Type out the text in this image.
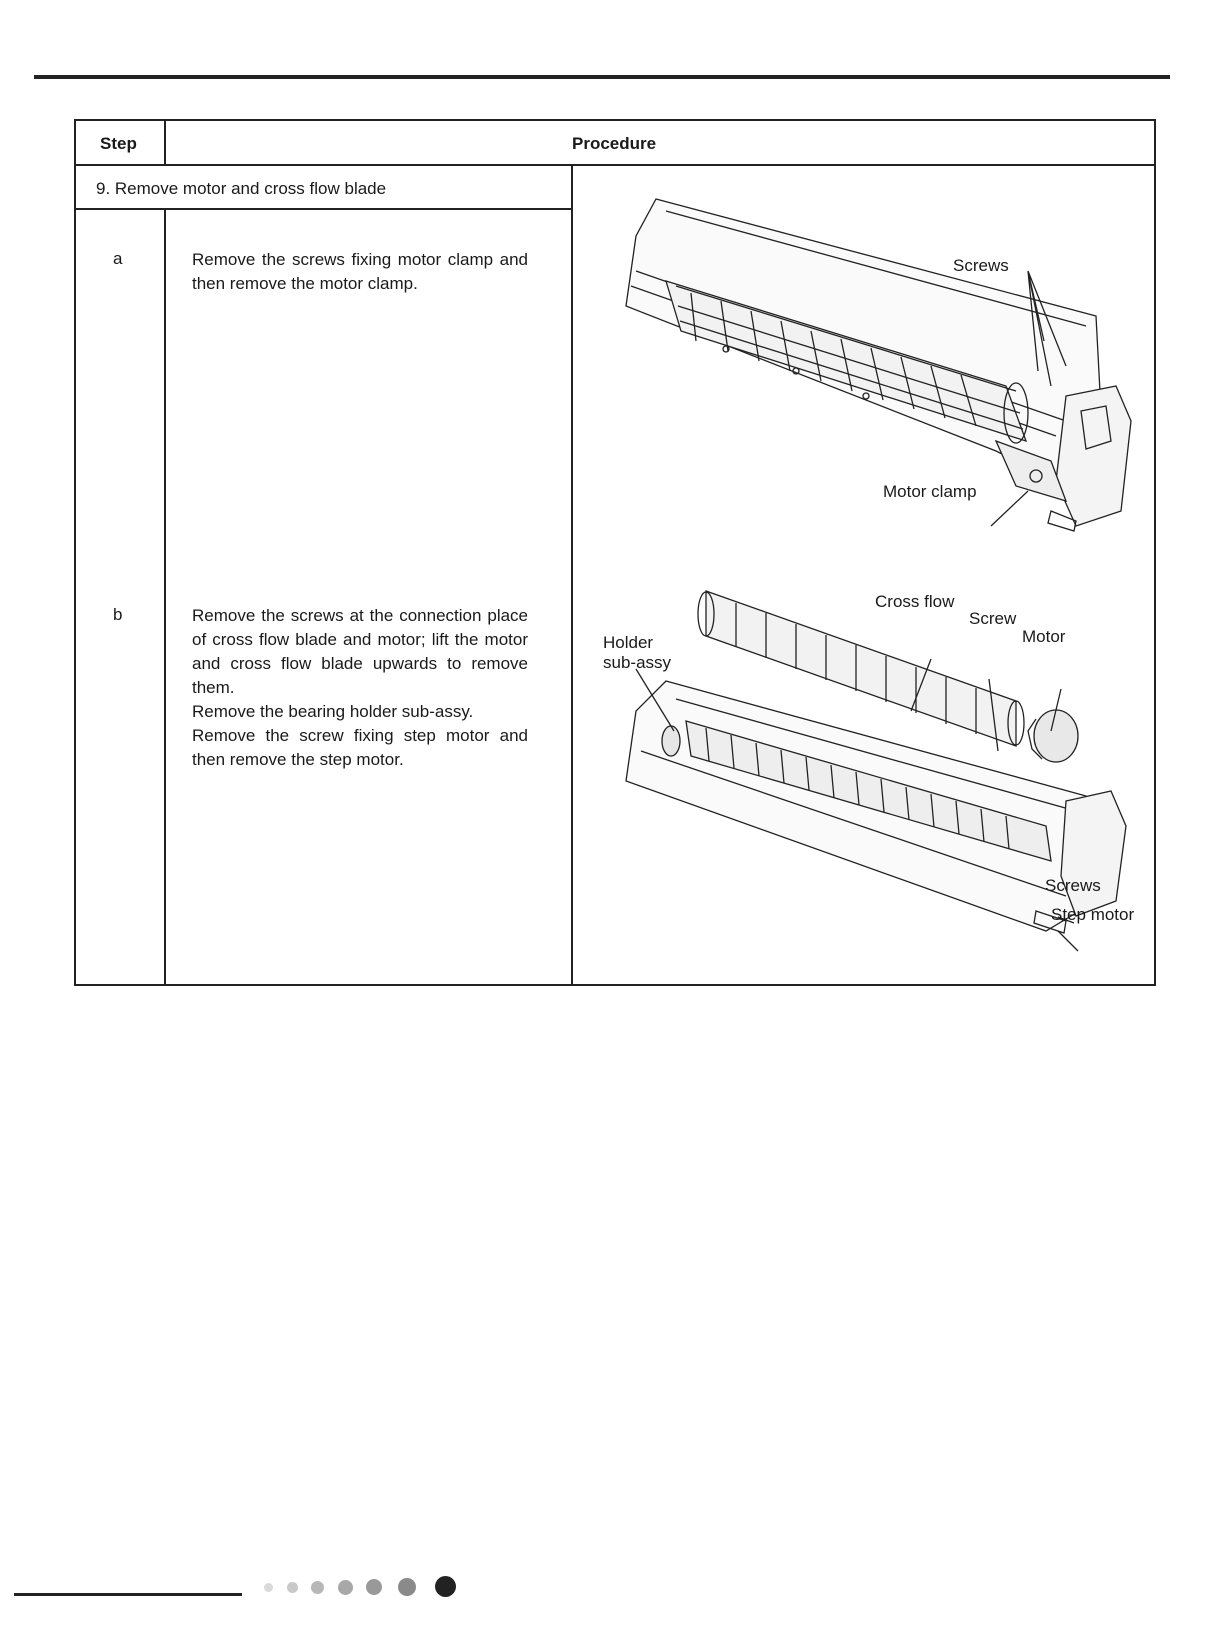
Step	Procedure
9. Remove motor and cross flow blade
a	Remove the screws fixing motor clamp and then remove the motor clamp.
b	Remove the screws at the connection place of cross flow blade and motor; lift the motor and cross flow blade upwards to remove them.
Remove the bearing holder sub-assy.
Remove the screw fixing step motor and then remove the step motor.
Screws
Motor clamp
Cross flow
Screw
Motor
Holder
sub-assy
Screws
Step motor
